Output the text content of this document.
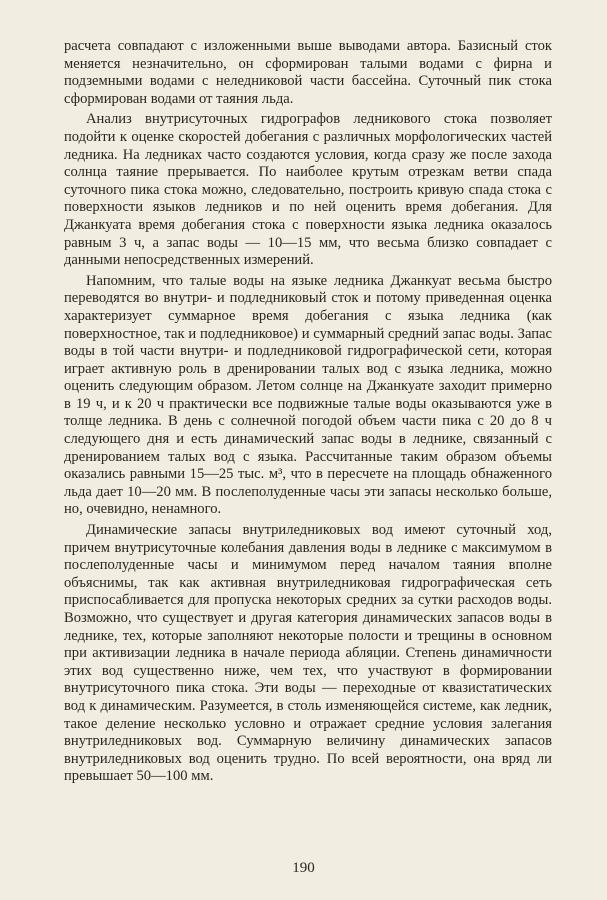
расчета совпадают с изложенными выше выводами автора. Базисный сток меняется незначительно, он сформирован талыми водами с фирна и подземными водами с неледниковой части бассейна. Суточный пик стока сформирован водами от таяния льда.

Анализ внутрисуточных гидрографов ледникового стока позволяет подойти к оценке скоростей добегания с различных морфологических частей ледника. На ледниках часто создаются условия, когда сразу же после захода солнца таяние прерывается. По наиболее крутым отрезкам ветви спада суточного пика стока можно, следовательно, построить кривую спада стока с поверхности языков ледников и по ней оценить время добегания. Для Джанкуата время добегания стока с поверхности языка ледника оказалось равным 3 ч, а запас воды — 10—15 мм, что весьма близко совпадает с данными непосредственных измерений.

Напомним, что талые воды на языке ледника Джанкуат весьма быстро переводятся во внутри- и подледниковый сток и потому приведенная оценка характеризует суммарное время добегания с языка ледника (как поверхностное, так и подледниковое) и суммарный средний запас воды. Запас воды в той части внутри- и подледниковой гидрографической сети, которая играет активную роль в дренировании талых вод с языка ледника, можно оценить следующим образом. Летом солнце на Джанкуате заходит примерно в 19 ч, и к 20 ч практически все подвижные талые воды оказываются уже в толще ледника. В день с солнечной погодой объем части пика с 20 до 8 ч следующего дня и есть динамический запас воды в леднике, связанный с дренированием талых вод с языка. Рассчитанные таким образом объемы оказались равными 15—25 тыс. м³, что в пересчете на площадь обнаженного льда дает 10—20 мм. В послеполуденные часы эти запасы несколько больше, но, очевидно, ненамного.

Динамические запасы внутриледниковых вод имеют суточный ход, причем внутрисуточные колебания давления воды в леднике с максимумом в послеполуденные часы и минимумом перед началом таяния вполне объяснимы, так как активная внутриледниковая гидрографическая сеть приспосабливается для пропуска некоторых средних за сутки расходов воды. Возможно, что существует и другая категория динамических запасов воды в леднике, тех, которые заполняют некоторые полости и трещины в основном при активизации ледника в начале периода абляции. Степень динамичности этих вод существенно ниже, чем тех, что участвуют в формировании внутрисуточного пика стока. Эти воды — переходные от квазистатических вод к динамическим. Разумеется, в столь изменяющейся системе, как ледник, такое деление несколько условно и отражает средние условия залегания внутриледниковых вод. Суммарную величину динамических запасов внутриледниковых вод оценить трудно. По всей вероятности, она вряд ли превышает 50—100 мм.

190
